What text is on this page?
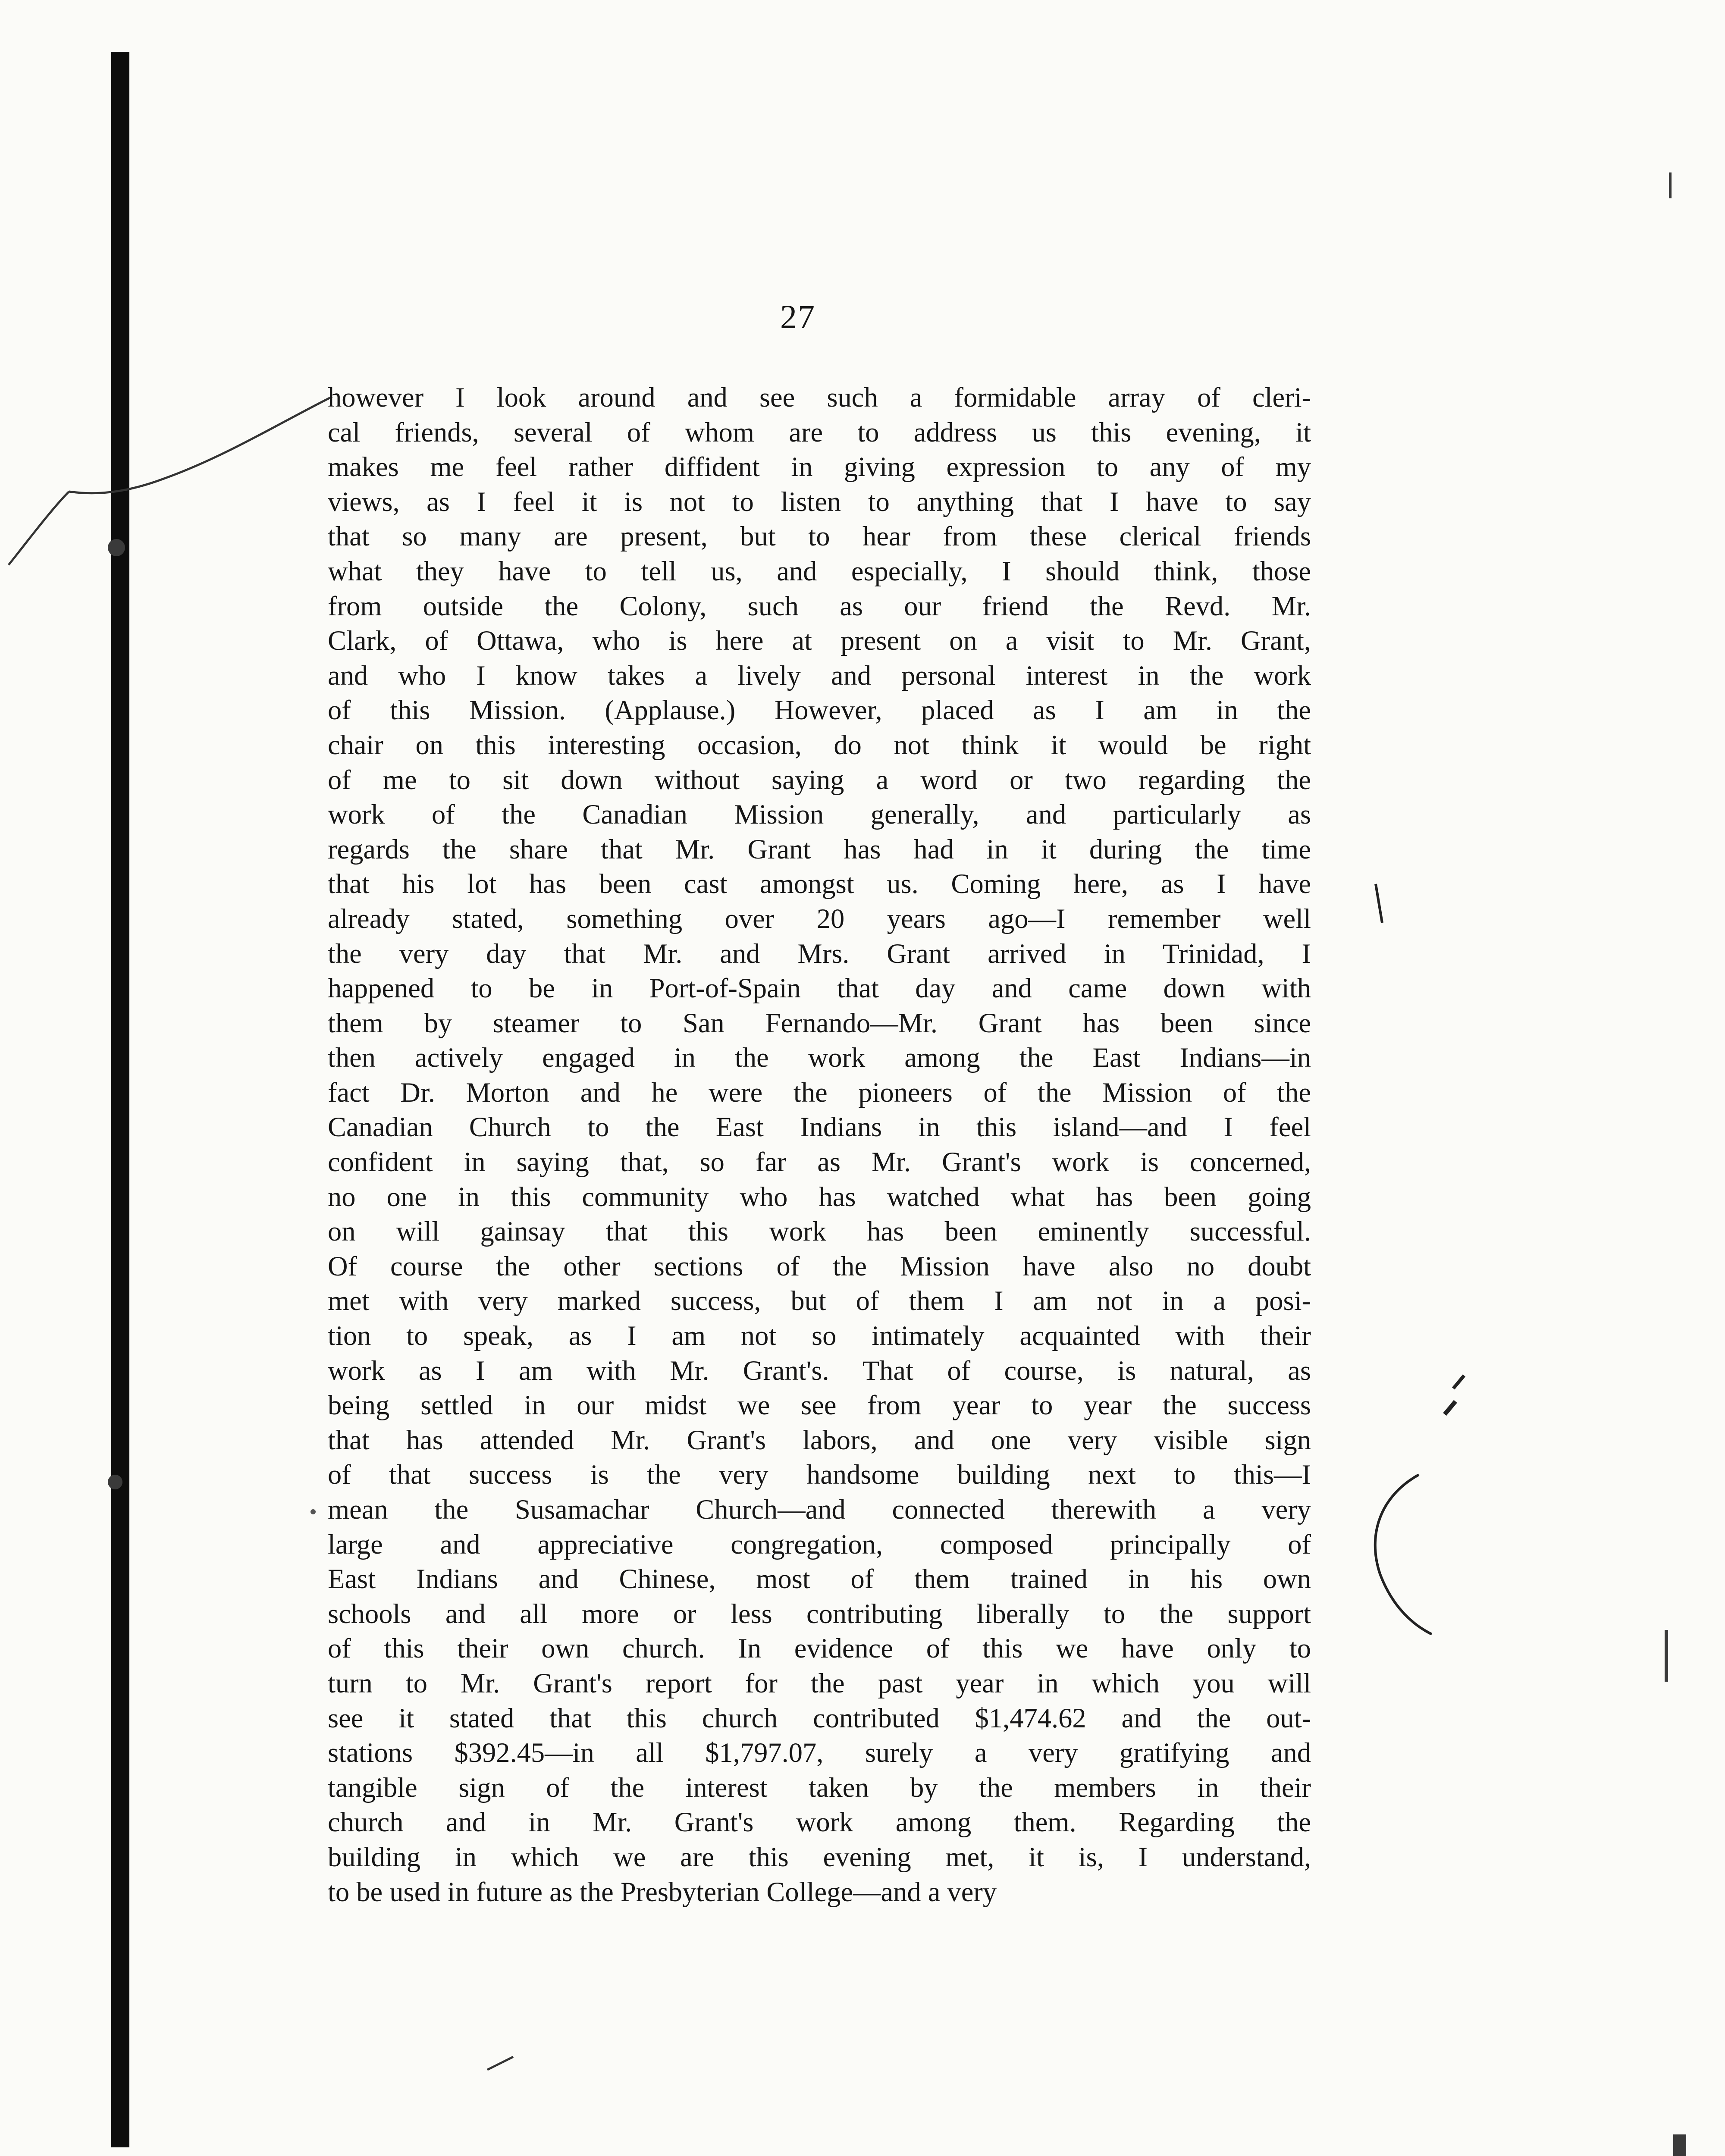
27
however I look around and see such a formidable array of cleri-
cal friends, several of whom are to address us this evening, it
makes me feel rather diffident in giving expression to any of my
views, as I feel it is not to listen to anything that I have to say
that so many are present, but to hear from these clerical friends
what they have to tell us, and especially, I should think, those
from outside the Colony, such as our friend the Revd. Mr.
Clark, of Ottawa, who is here at present on a visit to Mr. Grant,
and who I know takes a lively and personal interest in the work
of this Mission. (Applause.) However, placed as I am in the
chair on this interesting occasion, do not think it would be right
of me to sit down without saying a word or two regarding the
work of the Canadian Mission generally, and particularly as
regards the share that Mr. Grant has had in it during the time
that his lot has been cast amongst us. Coming here, as I have
already stated, something over 20 years ago—I remember well
the very day that Mr. and Mrs. Grant arrived in Trinidad, I
happened to be in Port-of-Spain that day and came down with
them by steamer to San Fernando—Mr. Grant has been since
then actively engaged in the work among the East Indians—in
fact Dr. Morton and he were the pioneers of the Mission of the
Canadian Church to the East Indians in this island—and I feel
confident in saying that, so far as Mr. Grant's work is concerned,
no one in this community who has watched what has been going
on will gainsay that this work has been eminently successful.
Of course the other sections of the Mission have also no doubt
met with very marked success, but of them I am not in a posi-
tion to speak, as I am not so intimately acquainted with their
work as I am with Mr. Grant's. That of course, is natural, as
being settled in our midst we see from year to year the success
that has attended Mr. Grant's labors, and one very visible sign
of that success is the very handsome building next to this—I
mean the Susamachar Church—and connected therewith a very
large and appreciative congregation, composed principally of
East Indians and Chinese, most of them trained in his own
schools and all more or less contributing liberally to the support
of this their own church. In evidence of this we have only to
turn to Mr. Grant's report for the past year in which you will
see it stated that this church contributed $1,474.62 and the out-
stations $392.45—in all $1,797.07, surely a very gratifying and
tangible sign of the interest taken by the members in their
church and in Mr. Grant's work among them. Regarding the
building in which we are this evening met, it is, I understand,
to be used in future as the Presbyterian College—and a very
